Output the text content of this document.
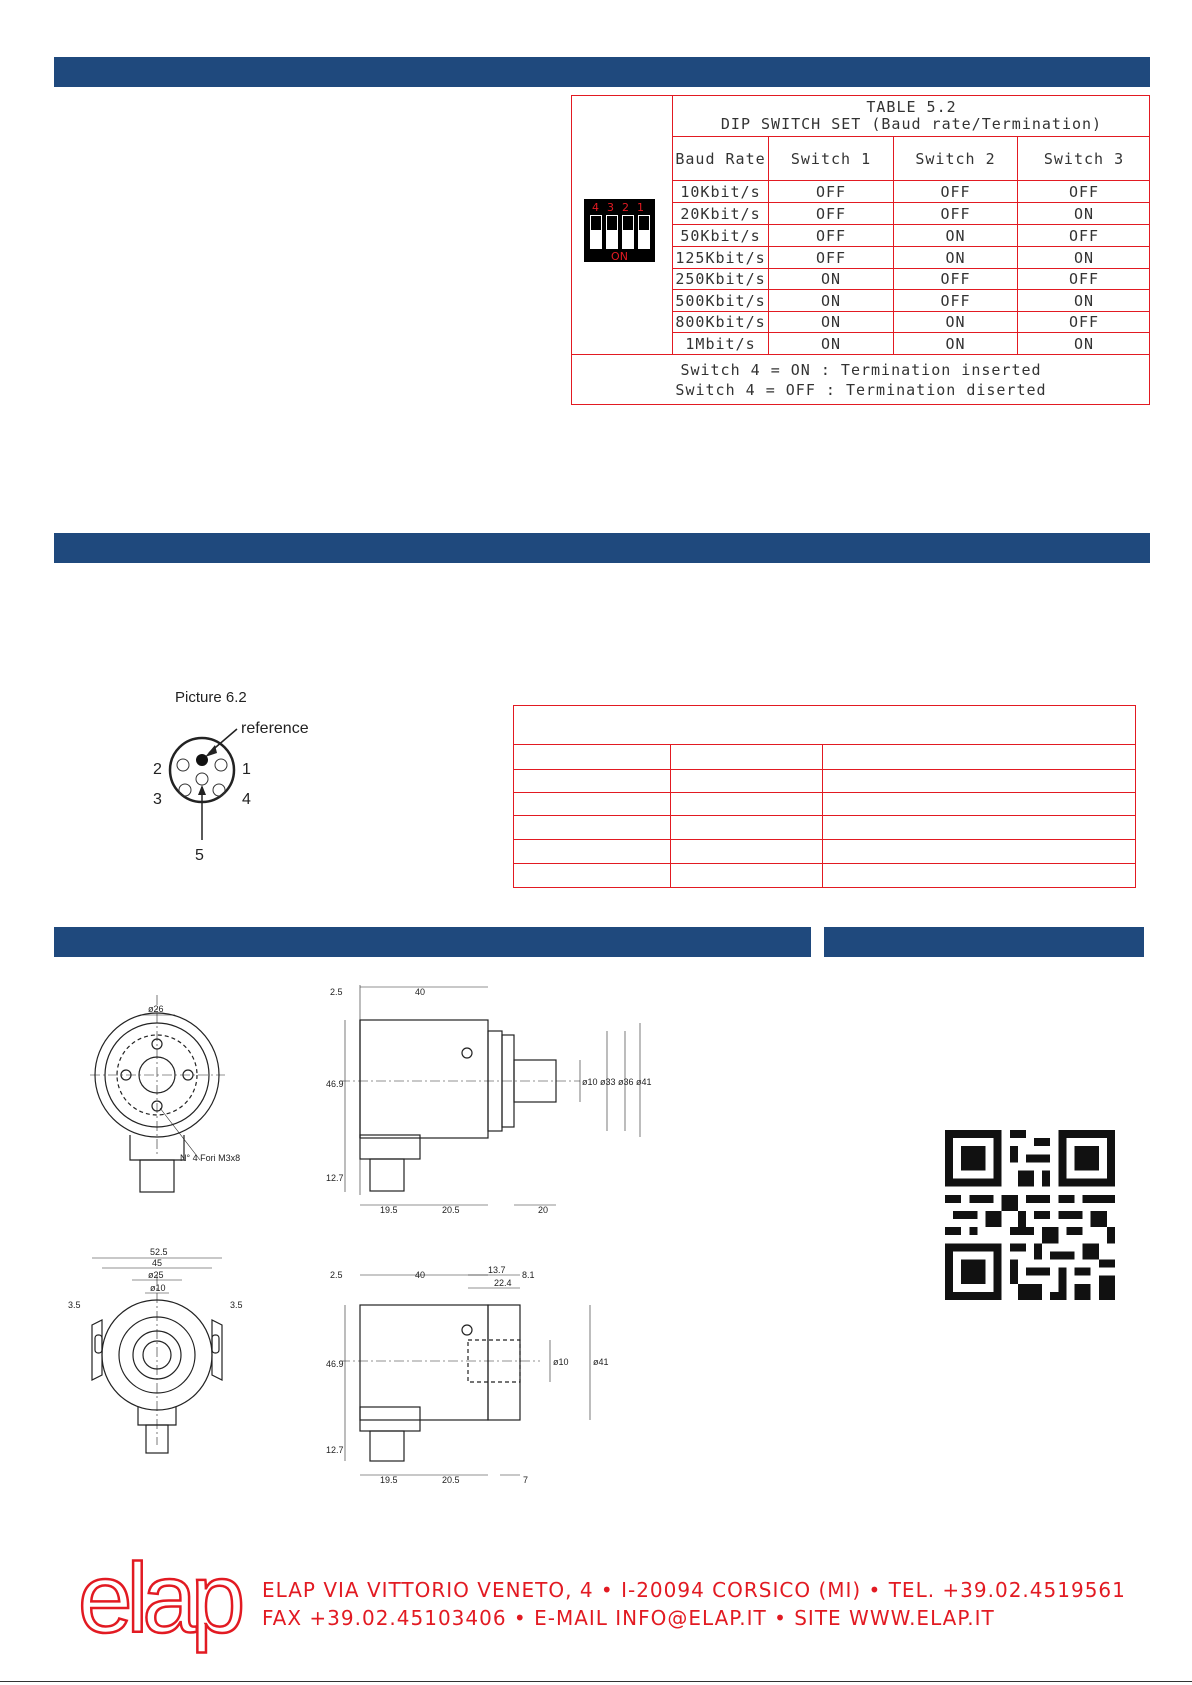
4 3 2 1
ON
TABLE 5.2
DIP SWITCH SET (Baud rate/Termination)
Baud Rate	Switch 1	Switch 2	Switch 3
10Kbit/s	OFF	OFF	OFF
20Kbit/s	OFF	OFF	ON
50Kbit/s	OFF	ON	OFF
125Kbit/s	OFF	ON	ON
250Kbit/s	ON	OFF	OFF
500Kbit/s	ON	OFF	ON
800Kbit/s	ON	ON	OFF
1Mbit/s	ON	ON	ON
Switch 4 = ON : Termination inserted
Switch 4 = OFF : Termination diserted
Picture 6.2
reference
1
2
3	4
5
ø26
N° 4 Fori M3x8
2.5	40
46.9
12.7
19.5	20.5	20
ø10 ø33 ø36 ø41
52.5
45
ø25
ø10
3.5	3.5
2.5	40	13.7 8.1
22.4
46.9	ø10	ø41
12.7
19.5	20.5	7
elap ELAP VIA VITTORIO VENETO, 4 • I-20094 CORSICO (MI) • TEL. +39.02.4519561
FAX +39.02.45103406 • E-MAIL INFO@ELAP.IT • SITE WWW.ELAP.IT
